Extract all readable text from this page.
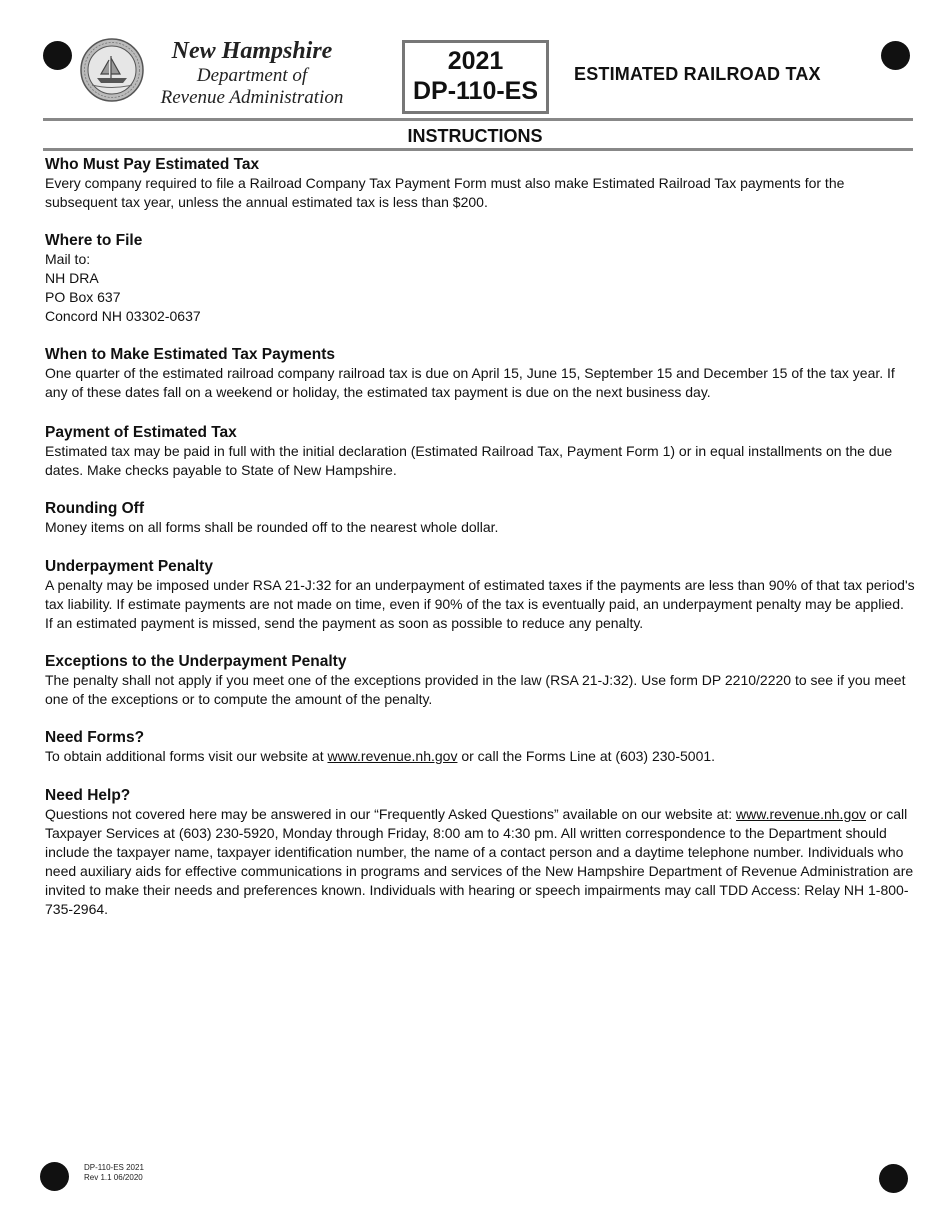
New Hampshire
Department of
Revenue Administration
2021
DP-110-ES
ESTIMATED RAILROAD TAX
INSTRUCTIONS
Who Must Pay Estimated Tax

Every company required to file a Railroad Company Tax Payment Form must also make Estimated Railroad Tax payments for the subsequent tax year, unless the annual estimated tax is less than $200.

Where to File

Mail to:

NH DRA

PO Box 637

Concord NH 03302-0637

When to Make Estimated Tax Payments

One quarter of the estimated railroad company railroad tax is due on April 15, June 15, September 15 and December 15 of the tax year. If any of these dates fall on a weekend or holiday, the estimated tax payment is due on the next business day.

Payment of Estimated Tax

Estimated tax may be paid in full with the initial declaration (Estimated Railroad Tax, Payment Form 1) or in equal installments on the due dates. Make checks payable to State of New Hampshire.

Rounding Off

Money items on all forms shall be rounded off to the nearest whole dollar.

Underpayment Penalty

A penalty may be imposed under RSA 21-J:32 for an underpayment of estimated taxes if the payments are less than 90% of that tax period's tax liability. If estimate payments are not made on time, even if 90% of the tax is eventually paid, an underpayment penalty may be applied. If an estimated payment is missed, send the payment as soon as possible to reduce any penalty.

Exceptions to the Underpayment Penalty

The penalty shall not apply if you meet one of the exceptions provided in the law (RSA 21-J:32). Use form DP 2210/2220 to see if you meet one of the exceptions or to compute the amount of the penalty.

Need Forms?

To obtain additional forms visit our website at www.revenue.nh.gov or call the Forms Line at (603) 230-5001.

Need Help?

Questions not covered here may be answered in our “Frequently Asked Questions” available on our website at: www.revenue.nh.gov or call Taxpayer Services at (603) 230-5920, Monday through Friday, 8:00 am to 4:30 pm. All written correspondence to the Department should include the taxpayer name, taxpayer identification number, the name of a contact person and a daytime telephone number. Individuals who need auxiliary aids for effective communications in programs and services of the New Hampshire Department of Revenue Administration are invited to make their needs and preferences known. Individuals with hearing or speech impairments may call TDD Access: Relay NH 1-800-735-2964.

DP-110-ES 2021
Rev 1.1 06/2020
